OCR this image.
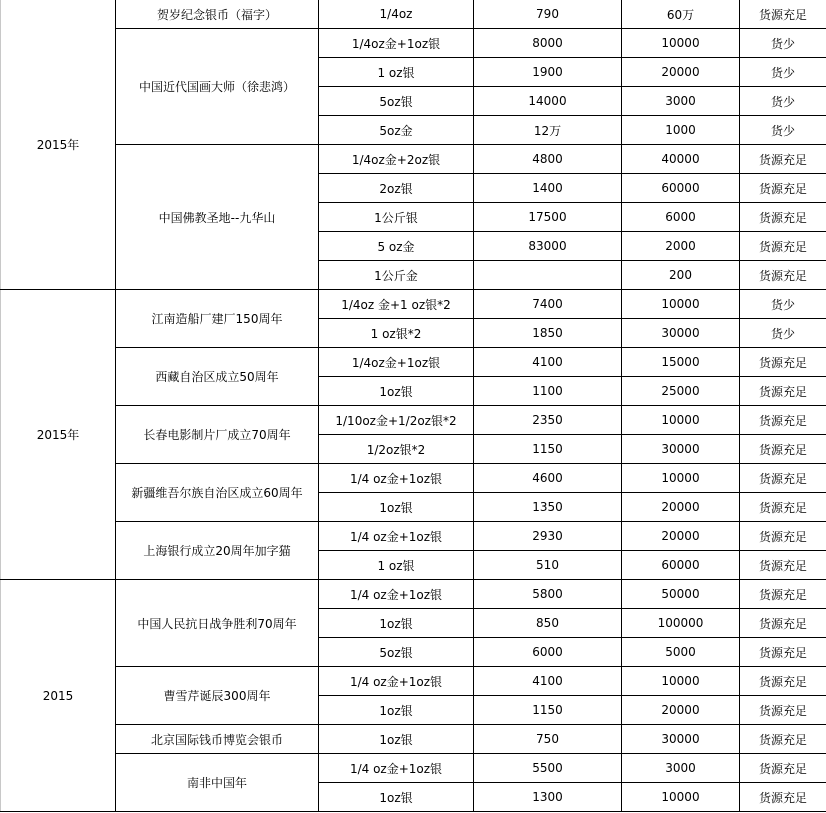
2015年	贺岁纪念银币（福字）	1/4oz	790	60万	货源充足
	中国近代国画大师（徐悲鸿）	1/4oz金+1oz银	8000	10000	货少
		1 oz银	1900	20000	货少
		5oz银	14000	3000	货少
		5oz金	12万	1000	货少
	中国佛教圣地--九华山	1/4oz金+2oz银	4800	40000	货源充足
		2oz银	1400	60000	货源充足
		1公斤银	17500	6000	货源充足
		5 oz金	83000	2000	货源充足
		1公斤金		200	货源充足
2015年	江南造船厂建厂150周年	1/4oz 金+1 oz银*2	7400	10000	货少
		1 oz银*2	1850	30000	货少
	西藏自治区成立50周年	1/4oz金+1oz银	4100	15000	货源充足
		1oz银	1100	25000	货源充足
	长春电影制片厂成立70周年	1/10oz金+1/2oz银*2	2350	10000	货源充足
		1/2oz银*2	1150	30000	货源充足
	新疆维吾尔族自治区成立60周年	1/4 oz金+1oz银	4600	10000	货源充足
		1oz银	1350	20000	货源充足
	上海银行成立20周年加字猫	1/4 oz金+1oz银	2930	20000	货源充足
		1 oz银	510	60000	货源充足
2015	中国人民抗日战争胜利70周年	1/4 oz金+1oz银	5800	50000	货源充足
		1oz银	850	100000	货源充足
		5oz银	6000	5000	货源充足
	曹雪芹诞辰300周年	1/4 oz金+1oz银	4100	10000	货源充足
		1oz银	1150	20000	货源充足
	北京国际钱币博览会银币	1oz银	750	30000	货源充足
	南非中国年	1/4 oz金+1oz银	5500	3000	货源充足
		1oz银	1300	10000	货源充足
